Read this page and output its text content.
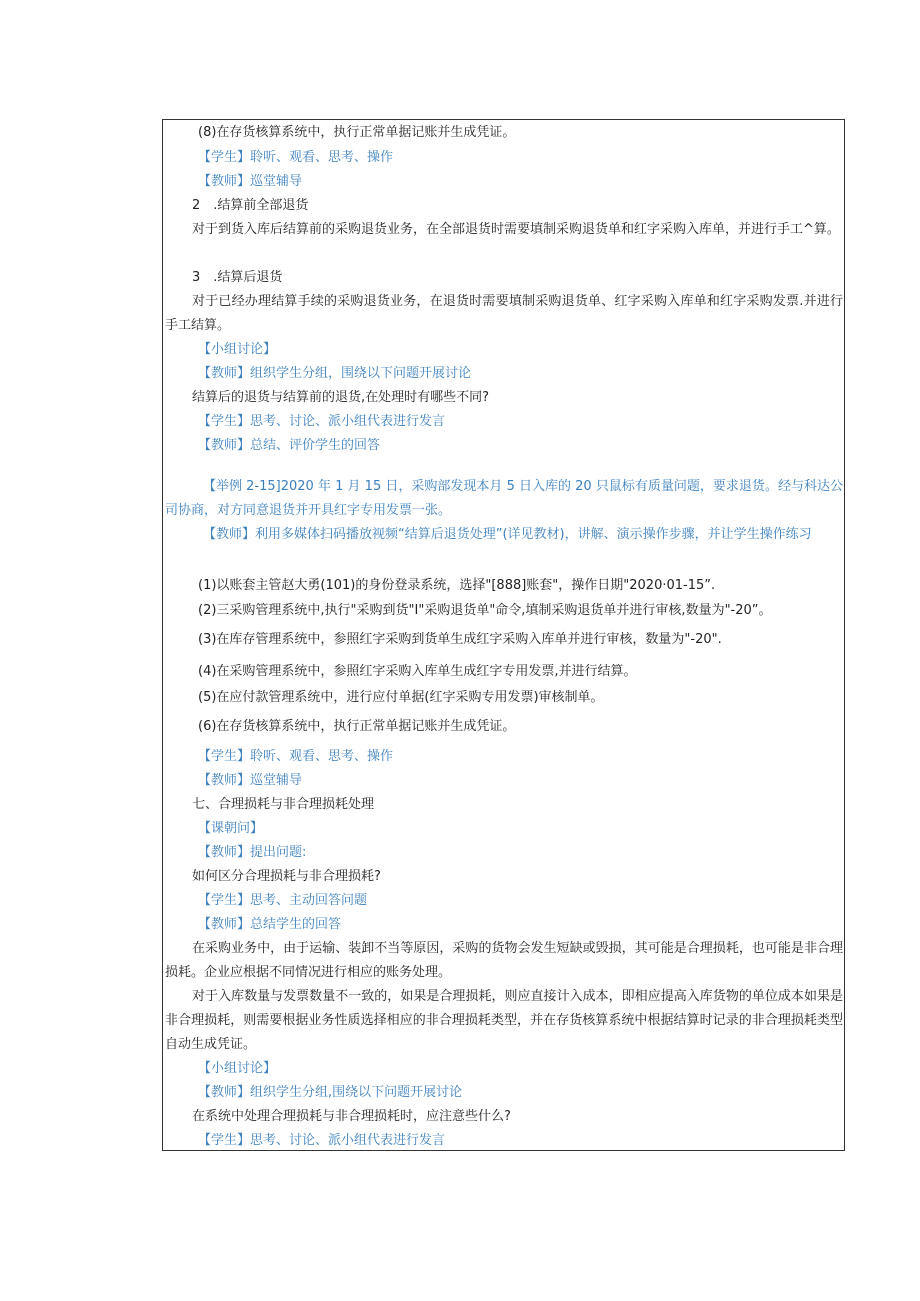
(8)在存货核算系统中，执行正常单据记账并生成凭证。
【学生】聆听、观看、思考、操作
【教师】巡堂辅导
2　.结算前全部退货
对于到货入库后结算前的采购退货业务，在全部退货时需要填制采购退货单和红字采购入库单，并进行手工^算。
3　.结算后退货
对于已经办理结算手续的采购退货业务，在退货时需要填制采购退货单、红字采购入库单和红字采购发票.并进行手工结算。
【小组讨论】
【教师】组织学生分组，围绕以下问题开展讨论
结算后的退货与结算前的退货,在处理时有哪些不同?
【学生】思考、讨论、派小组代表进行发言
【教师】总结、评价学生的回答
【举例 2-15]2020 年 1 月 15 日，采购部发现本月 5 日入库的 20 只鼠标有质量问题，要求退货。经与科达公司协商，对方同意退货并开具红字专用发票一张。
【教师】利用多媒体扫码播放视频“结算后退货处理”(详见教材)，讲解、演示操作步骤，并让学生操作练习
(1)以账套主管赵大勇(101)的身份登录系统，选择"[888]账套"，操作日期"2020·01-15”.
(2)三采购管理系统中,执行"采购到货"I"采购退货单"命令,填制采购退货单并进行审核,数量为"-20”。
(3)在库存管理系统中，参照红字采购到货单生成红字采购入库单并进行审核，数量为"-20".
(4)在采购管理系统中，参照红字采购入库单生成红字专用发票,并进行结算。
(5)在应付款管理系统中，进行应付单据(红字采购专用发票)审核制单。
(6)在存货核算系统中，执行正常单据记账并生成凭证。
【学生】聆听、观看、思考、操作
【教师】巡堂辅导
七、合理损耗与非合理损耗处理
【课朝问】
【教师】提出问题:
如何区分合理损耗与非合理损耗?
【学生】思考、主动回答问题
【教师】总结学生的回答
在采购业务中，由于运输、装卸不当等原因，采购的货物会发生短缺或毁损，其可能是合理损耗，也可能是非合理损耗。企业应根据不同情况进行相应的账务处理。
对于入库数量与发票数量不一致的，如果是合理损耗，则应直接计入成本，即相应提高入库货物的单位成本如果是非合理损耗，则需要根据业务性质选择相应的非合理损耗类型，并在存货核算系统中根据结算时记录的非合理损耗类型自动生成凭证。
【小组讨论】
【教师】组织学生分组,围绕以下问题开展讨论
在系统中处理合理损耗与非合理损耗时，应注意些什么?
【学生】思考、讨论、派小组代表进行发言
